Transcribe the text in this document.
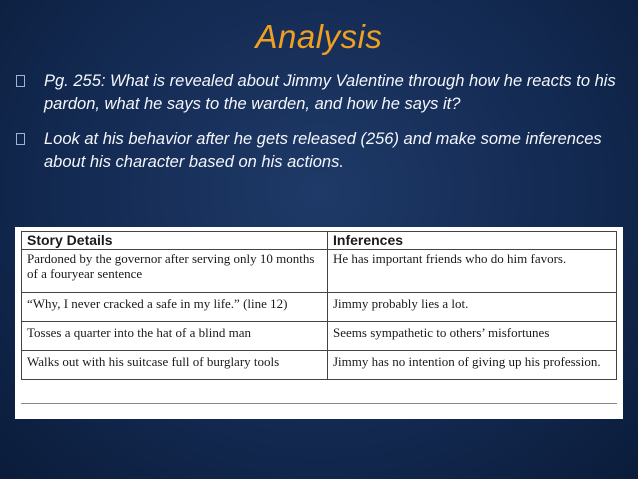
Analysis
Pg. 255: What is revealed about Jimmy Valentine through how he reacts to his pardon, what he says to the warden, and how he says it?
Look at his behavior after he gets released (256) and make some inferences about his character based on his actions.
Story Details	Inferences
Pardoned by the governor after serving only 10 months of a fouryear sentence	He has important friends who do him favors.
“Why, I never cracked a safe in my life.” (line 12)	Jimmy probably lies a lot.
Tosses a quarter into the hat of a blind man	Seems sympathetic to others’ misfortunes
Walks out with his suitcase full of burglary tools	Jimmy has no intention of giving up his profession.
